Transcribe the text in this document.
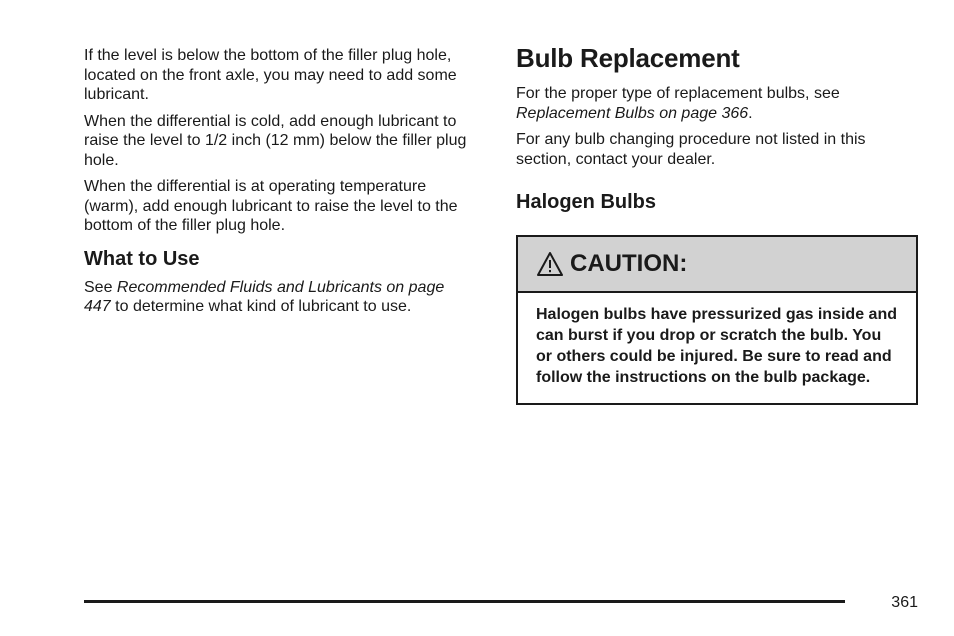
If the level is below the bottom of the filler plug hole, located on the front axle, you may need to add some lubricant.

When the differential is cold, add enough lubricant to raise the level to 1/2 inch (12 mm) below the filler plug hole.

When the differential is at operating temperature (warm), add enough lubricant to raise the level to the bottom of the filler plug hole.

What to Use

See Recommended Fluids and Lubricants on page 447 to determine what kind of lubricant to use.

Bulb Replacement

For the proper type of replacement bulbs, see Replacement Bulbs on page 366.

For any bulb changing procedure not listed in this section, contact your dealer.

Halogen Bulbs
CAUTION:
Halogen bulbs have pressurized gas inside and can burst if you drop or scratch the bulb. You or others could be injured. Be sure to read and follow the instructions on the bulb package.
361
